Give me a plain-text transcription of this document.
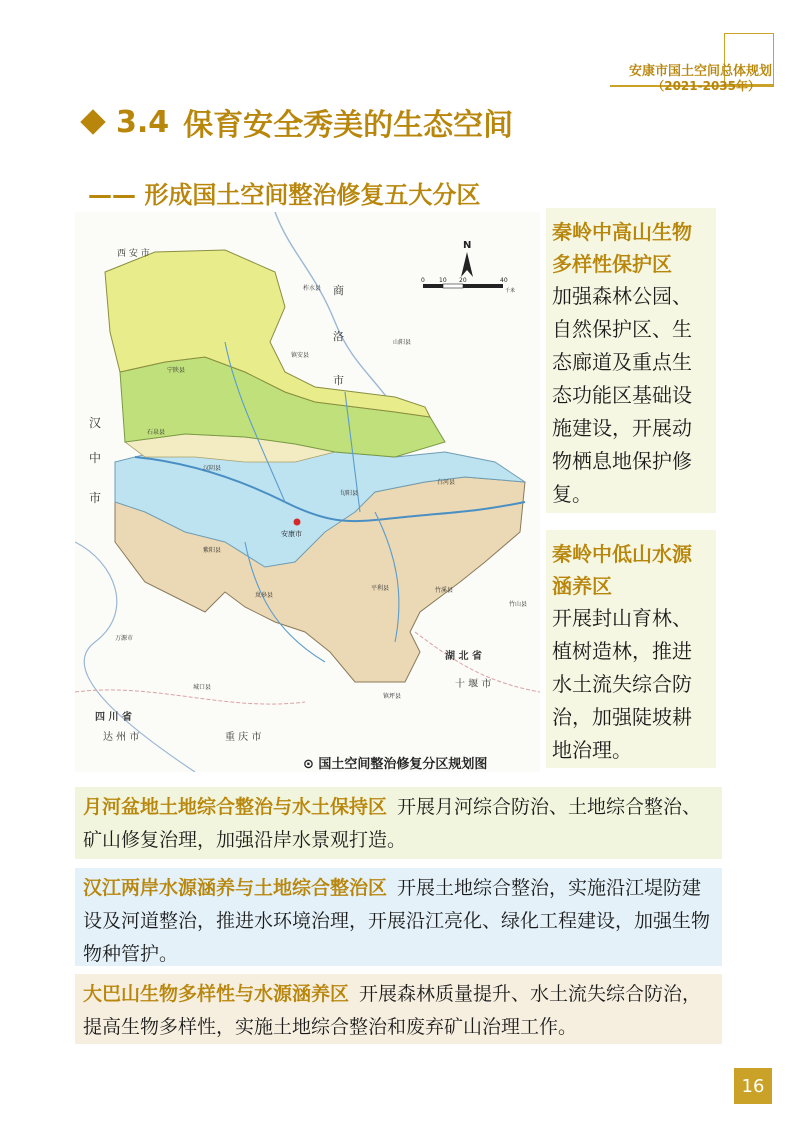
安康市国土空间总体规划
（2021-2035年）
3.4 保育安全秀美的生态空间
—— 形成国土空间整治修复五大分区
N
0 10 20	40
千米
西 安 市
商
洛
市
汉
中
市
湖 北 省
十 堰 市
四 川 省
达 州 市	重 庆 市
安康市
宁陕县
石泉县
汉阴县
旬阳县
白河县
平利县
岚皋县
紫阳县
镇坪县
柞水县
镇安县
山阳县
竹溪县
竹山县
城口县
万源市
⊙ 国土空间整治修复分区规划图
秦岭中高山生物多样性保护区
加强森林公园、自然保护区、生态廊道及重点生态功能区基础设施建设，开展动物栖息地保护修复。
秦岭中低山水源涵养区
开展封山育林、植树造林，推进水土流失综合防治，加强陡坡耕地治理。
月河盆地土地综合整治与水土保持区 开展月河综合防治、土地综合整治、矿山修复治理，加强沿岸水景观打造。
汉江两岸水源涵养与土地综合整治区 开展土地综合整治，实施沿江堤防建设及河道整治，推进水环境治理，开展沿江亮化、绿化工程建设，加强生物物种管护。
大巴山生物多样性与水源涵养区 开展森林质量提升、水土流失综合防治，提高生物多样性，实施土地综合整治和废弃矿山治理工作。
16
